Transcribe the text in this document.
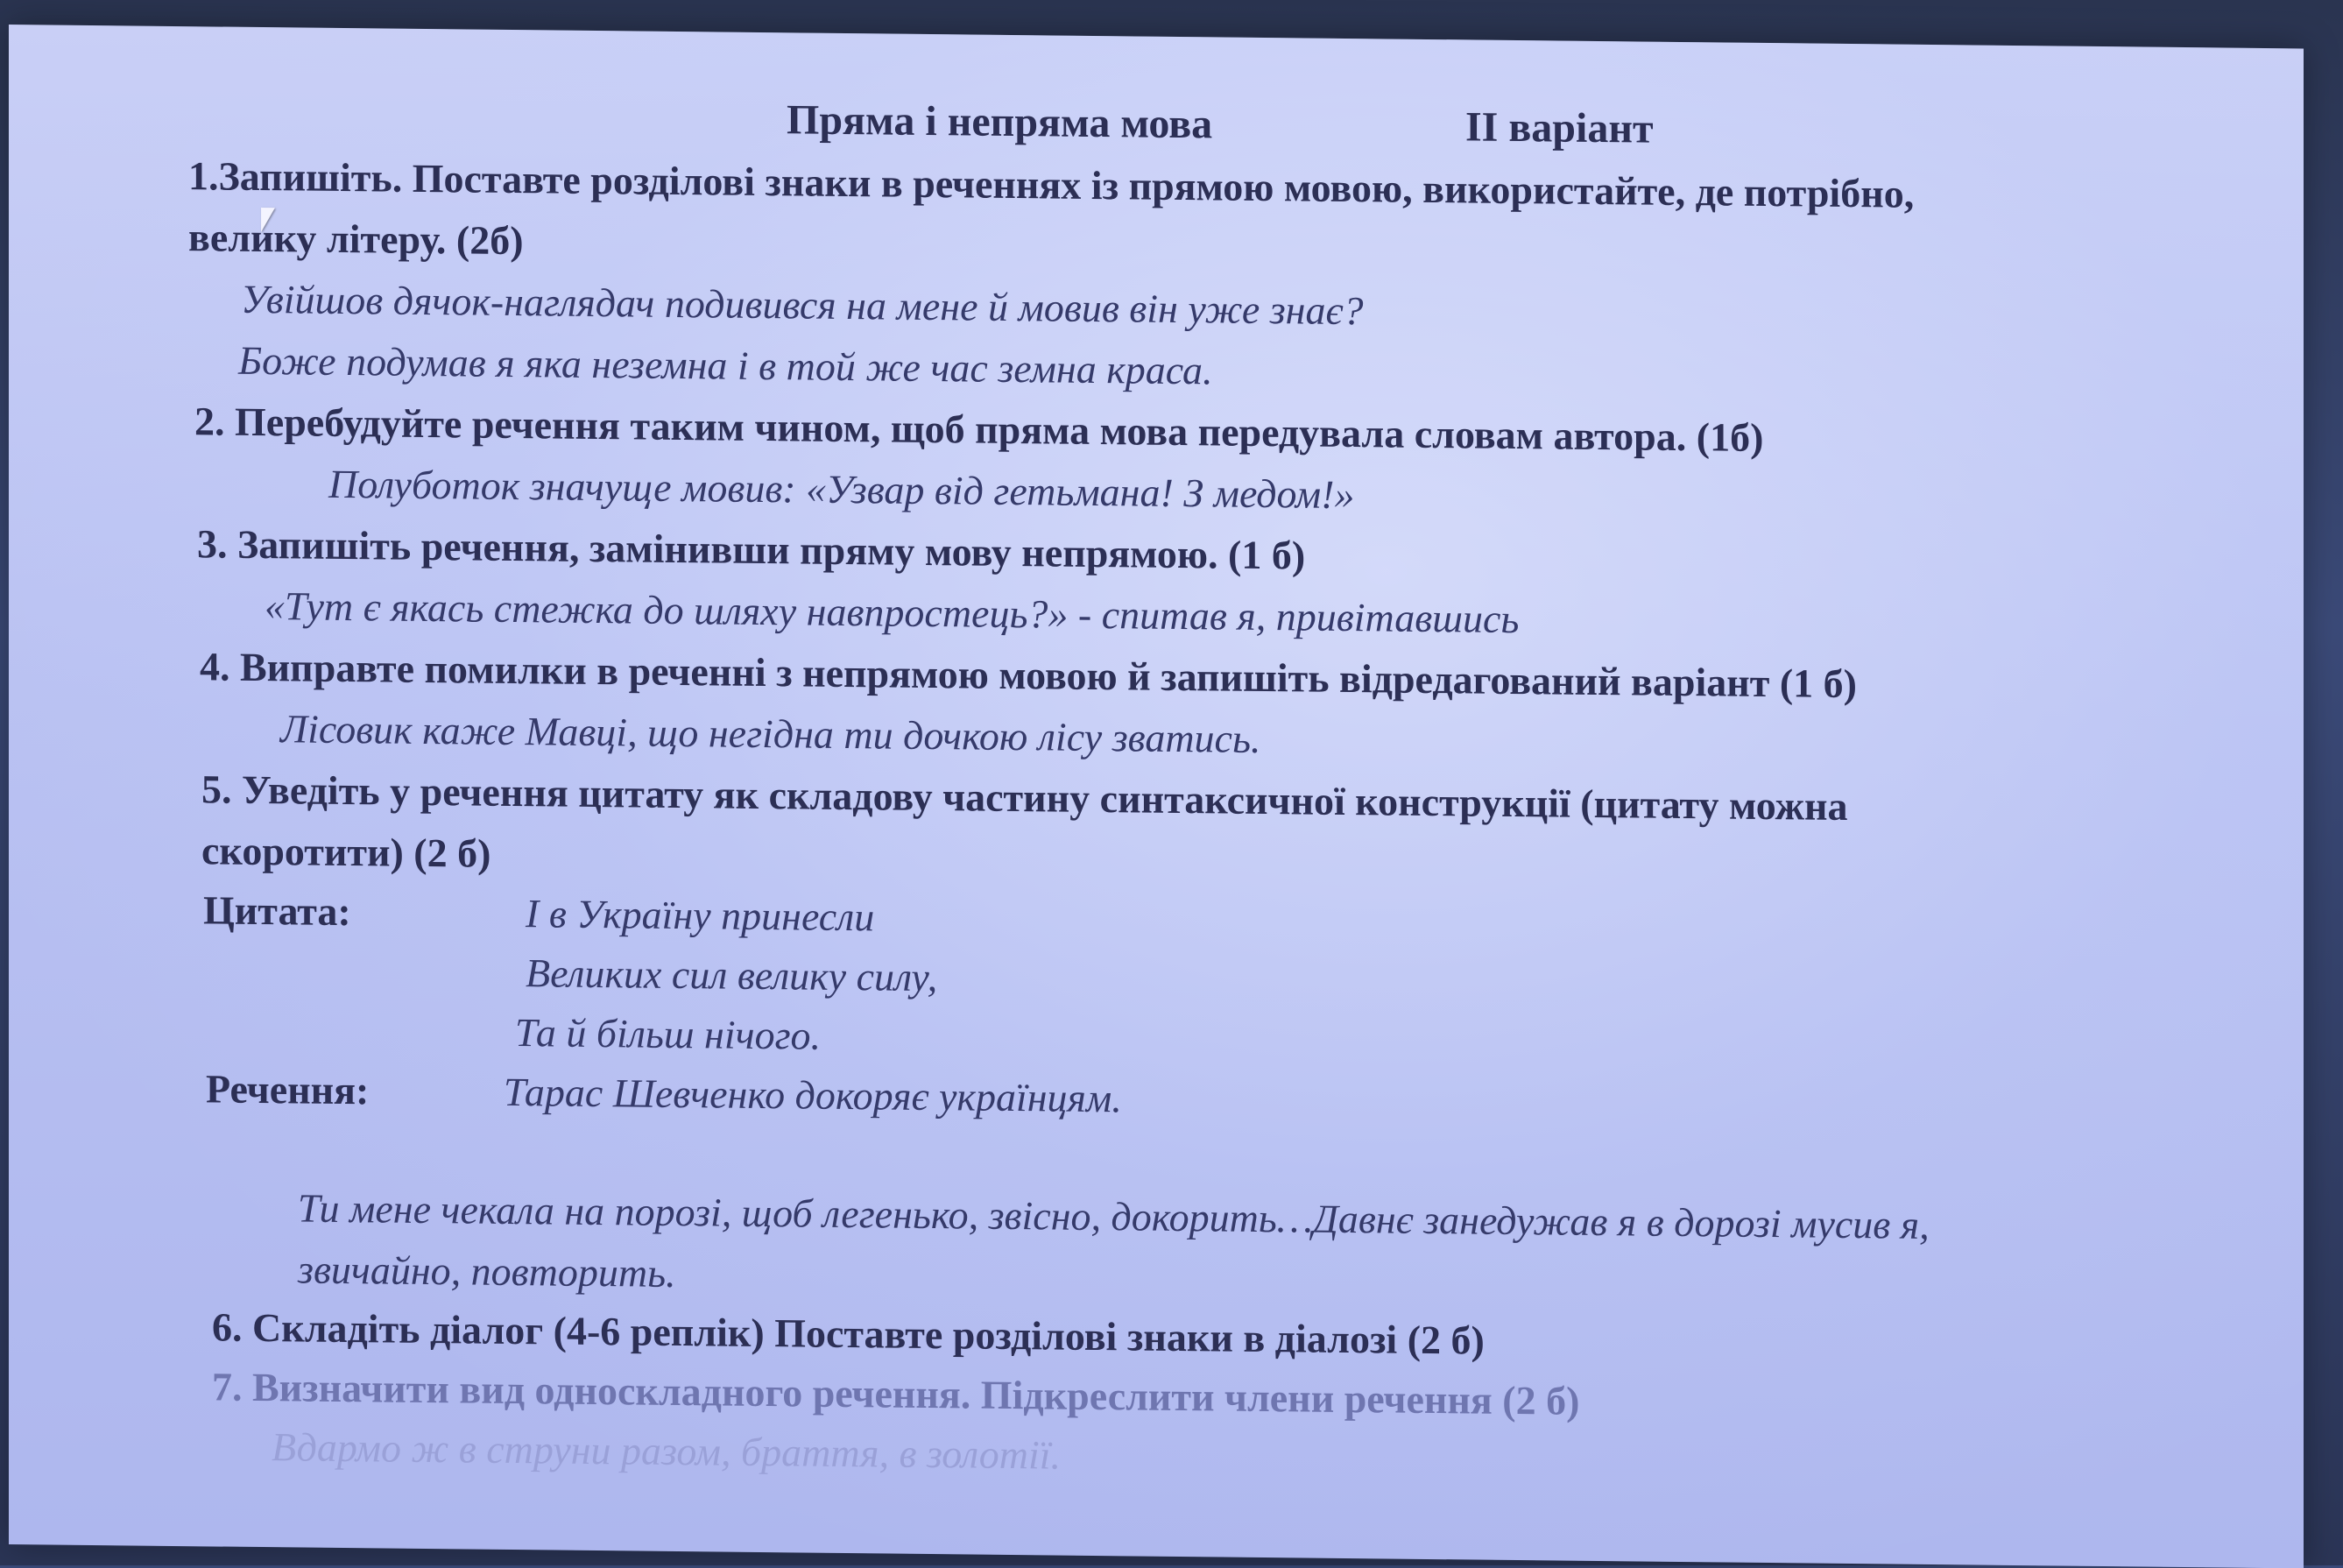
Пряма і непряма мова	ІІ варіант
1.Запишіть. Поставте розділові знаки в реченнях із прямою мовою, використайте, де потрібно,
велику літеру. (2б)
Увійшов дячок-наглядач подивився на мене й мовив він уже знає?
Боже подумав я яка неземна і в той же час земна краса.
2. Перебудуйте речення таким чином, щоб пряма мова передувала словам автора. (1б)
Полуботок значуще мовив: «Узвар від гетьмана! З медом!»
3. Запишіть речення, замінивши пряму мову непрямою. (1 б)
«Тут є якась стежка до шляху навпростець?» - спитав я, привітавшись
4. Виправте помилки в реченні з непрямою мовою й запишіть відредагований варіант (1 б)
Лісовик каже Мавці, що негідна ти дочкою лісу зватись.
5. Уведіть у речення цитату як складову частину синтаксичної конструкції (цитату можна
скоротити) (2 б)
Цитата:	І в Україну принесли
Великих сил велику силу,
Та й більш нічого.
Речення:	Тарас Шевченко докоряє українцям.
Ти мене чекала на порозі, щоб легенько, звісно, докорить…Давнє занедужав я в дорозі мусив я,
звичайно, повторить.
6. Складіть діалог (4-6 реплік) Поставте розділові знаки в діалозі (2 б)
7. Визначити вид односкладного речення. Підкреслити члени речення (2 б)
Вдармо ж в струни разом, браття, в золотії.
